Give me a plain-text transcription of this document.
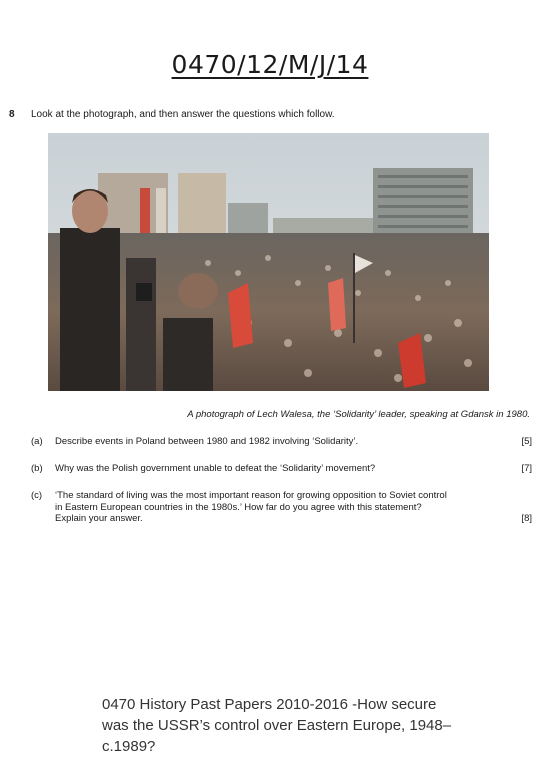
0470/12/M/J/14
8 Look at the photograph, and then answer the questions which follow.
A photograph of Lech Walesa, the ‘Solidarity’ leader, speaking at Gdansk in 1980.
(a) Describe events in Poland between 1980 and 1982 involving ‘Solidarity’.	[5]
(b) Why was the Polish government unable to defeat the ‘Solidarity’ movement?	[7]
(c) ‘The standard of living was the most important reason for growing opposition to Soviet control
in Eastern European countries in the 1980s.’ How far do you agree with this statement?
Explain your answer.	[8]
0470 History Past Papers 2010-2016 -How secure
was the USSR’s control over Eastern Europe, 1948–
c.1989?
